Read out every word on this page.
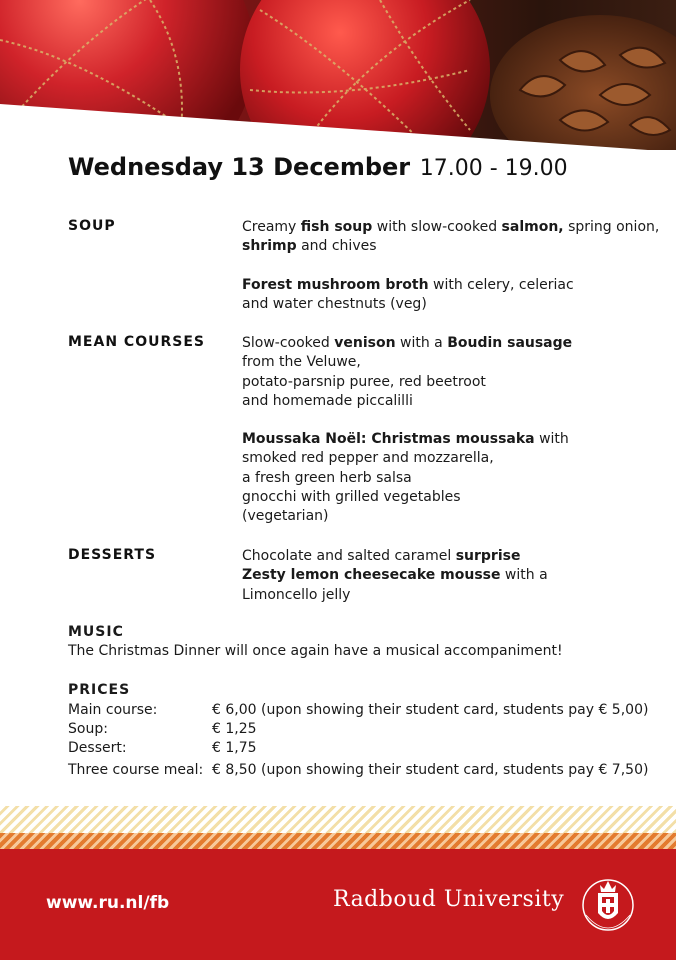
Wednesday 13 December 17.00 - 19.00
SOUP	Creamy fish soup with slow-cooked salmon, spring onion,
shrimp and chives
Forest mushroom broth with celery, celeriac
and water chestnuts (veg)
MEAN COURSES	Slow-cooked venison with a Boudin sausage
from the Veluwe,
potato-parsnip puree, red beetroot
and homemade piccalilli
Moussaka Noël: Christmas moussaka with
smoked red pepper and mozzarella,
a fresh green herb salsa
gnocchi with grilled vegetables
(vegetarian)
DESSERTS	Chocolate and salted caramel surprise
Zesty lemon cheesecake mousse with a
Limoncello jelly
MUSIC
The Christmas Dinner will once again have a musical accompaniment!
PRICES
Main course:	€ 6,00 (upon showing their student card, students pay € 5,00)
Soup:	€ 1,25
Dessert:	€ 1,75
Three course meal: € 8,50 (upon showing their student card, students pay € 7,50)
www.ru.nl/fb	Radboud University
